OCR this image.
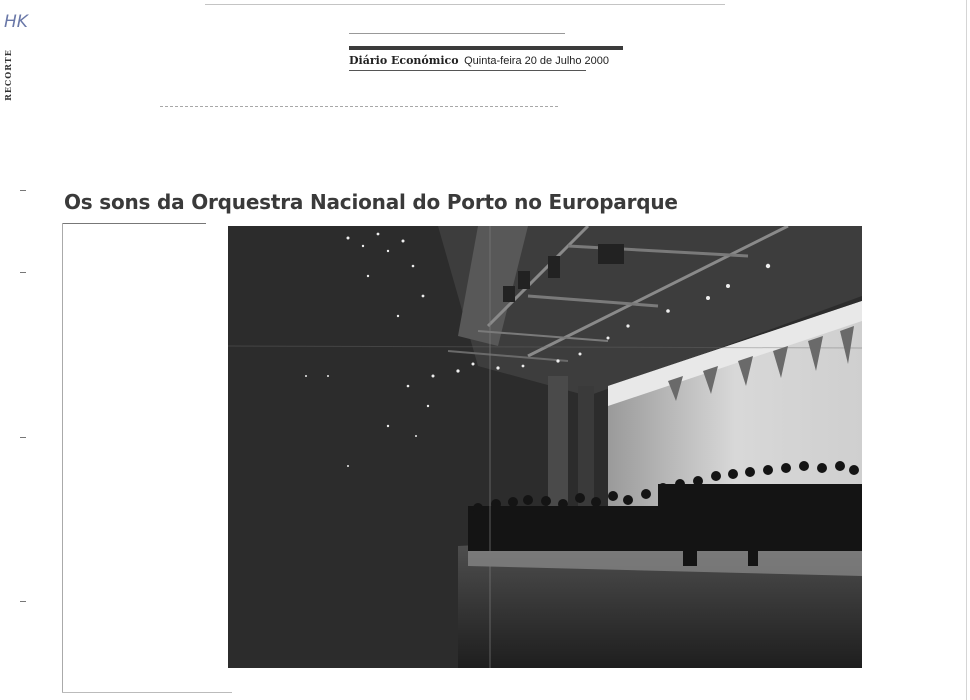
HK
RECORTE	Diário Económico Quinta-feira 20 de Julho 2000
Os sons da Orquestra Nacional do Porto no Europarque
